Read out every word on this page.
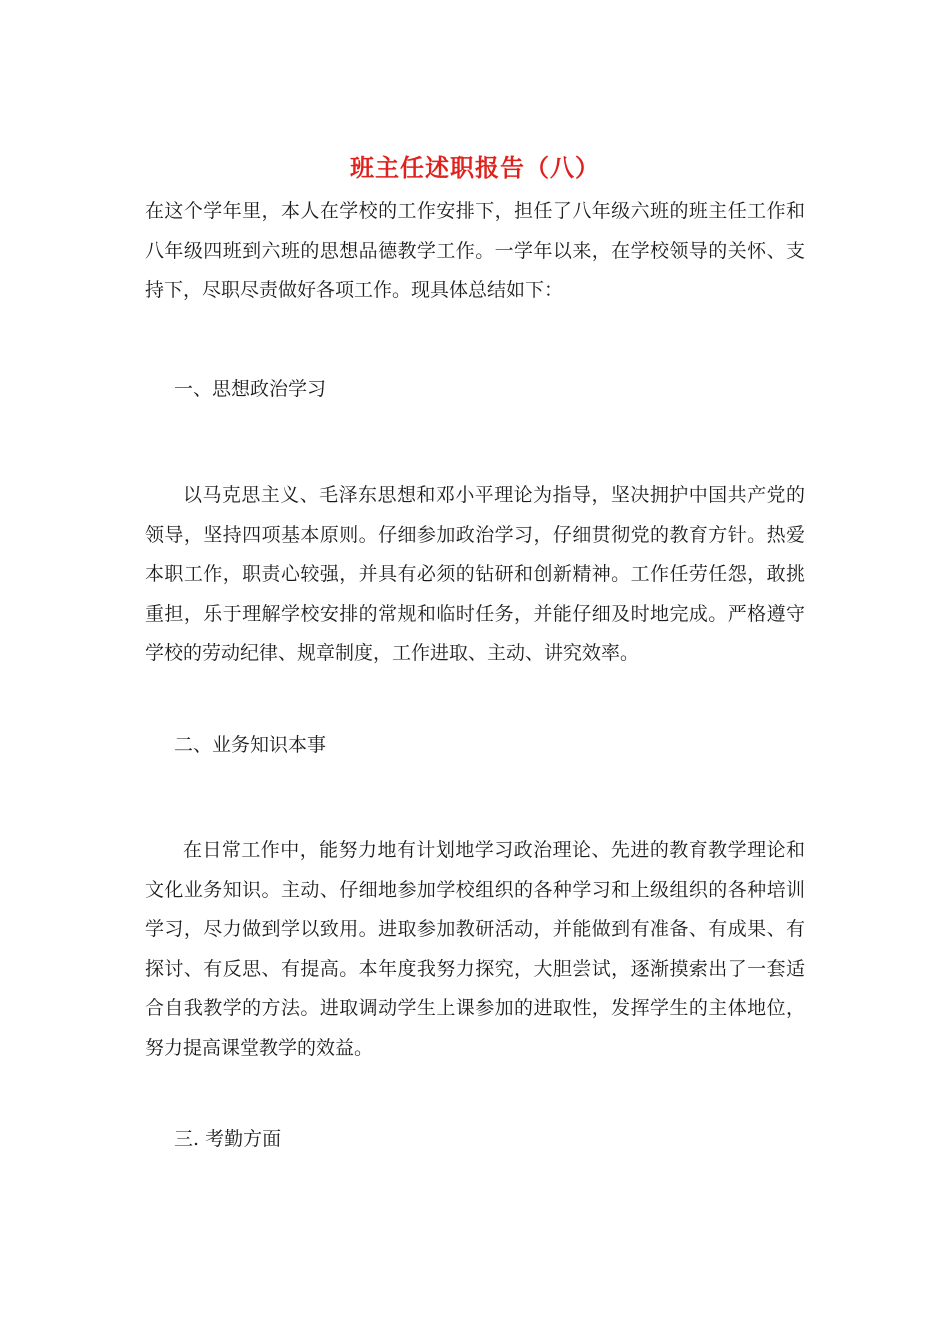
班主任述职报告（八）

在这个学年里，本人在学校的工作安排下，担任了八年级六班的班主任工作和八年级四班到六班的思想品德教学工作。一学年以来，在学校领导的关怀、支持下，尽职尽责做好各项工作。现具体总结如下：

一、思想政治学习

以马克思主义、毛泽东思想和邓小平理论为指导，坚决拥护中国共产党的领导，坚持四项基本原则。仔细参加政治学习，仔细贯彻党的教育方针。热爱本职工作，职责心较强，并具有必须的钻研和创新精神。工作任劳任怨，敢挑重担，乐于理解学校安排的常规和临时任务，并能仔细及时地完成。严格遵守学校的劳动纪律、规章制度，工作进取、主动、讲究效率。

二、业务知识本事

在日常工作中，能努力地有计划地学习政治理论、先进的教育教学理论和文化业务知识。主动、仔细地参加学校组织的各种学习和上级组织的各种培训学习，尽力做到学以致用。进取参加教研活动，并能做到有准备、有成果、有探讨、有反思、有提高。本年度我努力探究，大胆尝试，逐渐摸索出了一套适合自我教学的方法。进取调动学生上课参加的进取性，发挥学生的主体地位，努力提高课堂教学的效益。

三. 考勤方面
